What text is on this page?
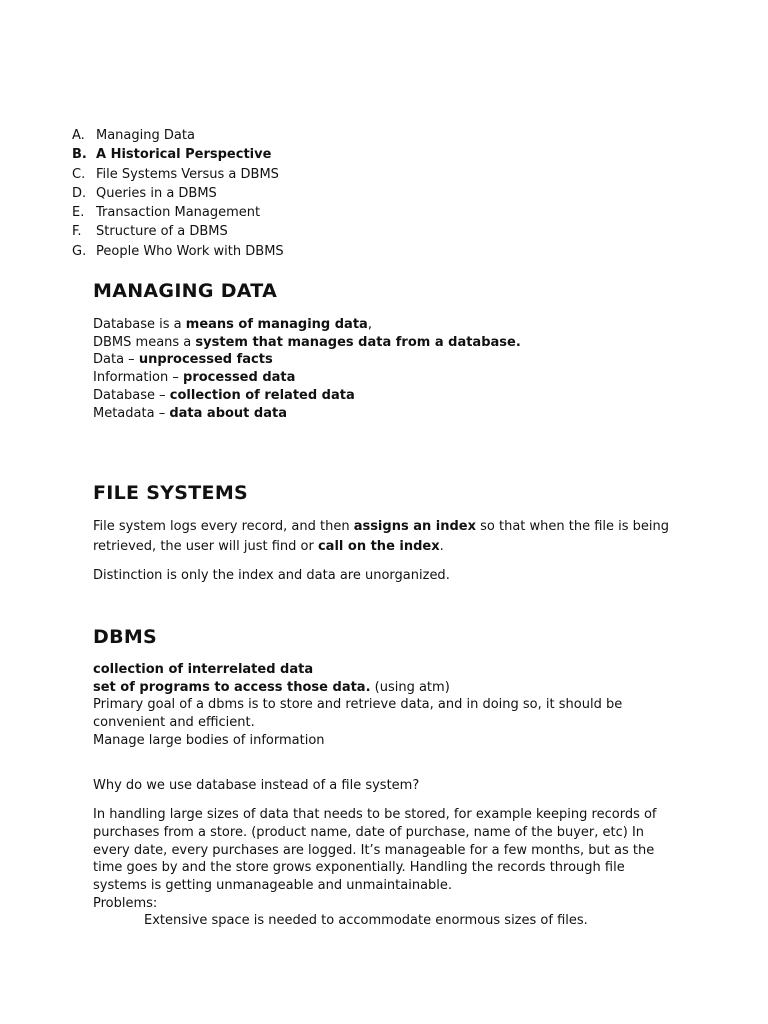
A. Managing Data
B. A Historical Perspective
C. File Systems Versus a DBMS
D. Queries in a DBMS
E. Transaction Management
F. Structure of a DBMS
G. People Who Work with DBMS
MANAGING DATA

Database is a means of managing data,

DBMS means a system that manages data from a database.

Data – unprocessed facts

Information – processed data

Database – collection of related data

Metadata – data about data

FILE SYSTEMS

File system logs every record, and then assigns an index so that when the file is being retrieved, the user will just find or call on the index.

Distinction is only the index and data are unorganized.

DBMS

collection of interrelated data

set of programs to access those data. (using atm)

Primary goal of a dbms is to store and retrieve data, and in doing so, it should be convenient and efficient.

Manage large bodies of information

Why do we use database instead of a file system?

In handling large sizes of data that needs to be stored, for example keeping records of purchases from a store. (product name, date of purchase, name of the buyer, etc) In every date, every purchases are logged. It’s manageable for a few months, but as the time goes by and the store grows exponentially. Handling the records through file systems is getting unmanageable and unmaintainable.

Problems:

Extensive space is needed to accommodate enormous sizes of files.
